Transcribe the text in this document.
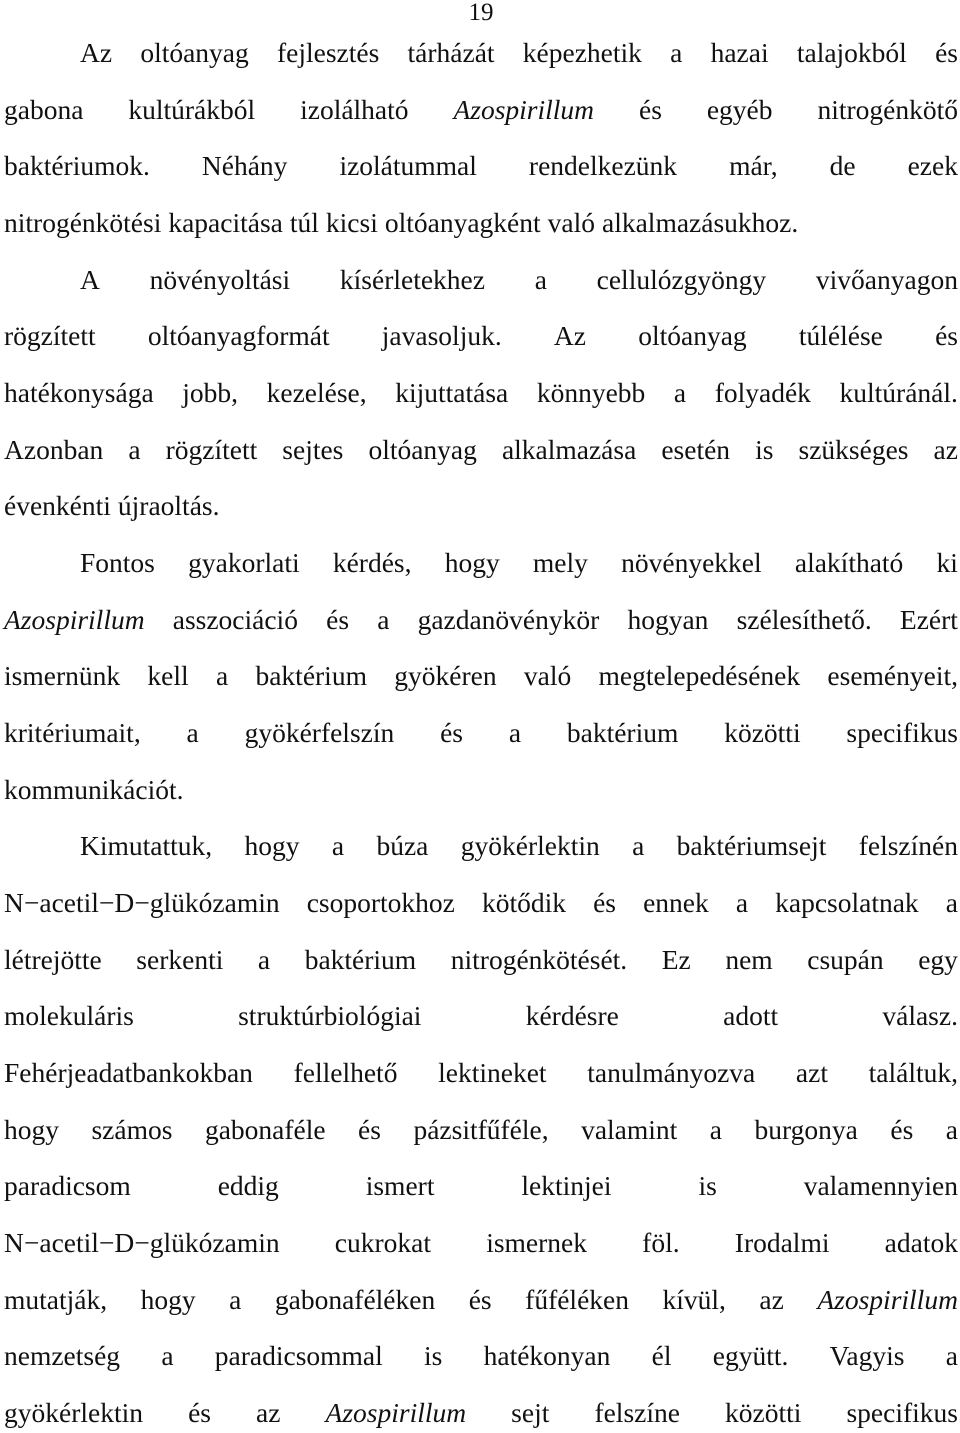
19
Az oltóanyag fejlesztés tárházát képezhetik a hazai talajokból és
gabona kultúrákból izolálható Azospirillum és egyéb nitrogénkötő
baktériumok. Néhány izolátummal rendelkezünk már, de ezek
nitrogénkötési kapacitása túl kicsi oltóanyagként való alkalmazásukhoz.
A növényoltási kísérletekhez a cellulózgyöngy vivőanyagon
rögzített oltóanyagformát javasoljuk. Az oltóanyag túlélése és
hatékonysága jobb, kezelése, kijuttatása könnyebb a folyadék kultúránál.
Azonban a rögzített sejtes oltóanyag alkalmazása esetén is szükséges az
évenkénti újraoltás.
Fontos gyakorlati kérdés, hogy mely növényekkel alakítható ki
Azospirillum asszociáció és a gazdanövénykör hogyan szélesíthető. Ezért
ismernünk kell a baktérium gyökéren való megtelepedésének eseményeit,
kritériumait, a gyökérfelszín és a baktérium közötti specifikus
kommunikációt.
Kimutattuk, hogy a búza gyökérlektin a baktériumsejt felszínén
N−acetil−D−glükózamin csoportokhoz kötődik és ennek a kapcsolatnak a
létrejötte serkenti a baktérium nitrogénkötését. Ez nem csupán egy
molekuláris	struktúrbiológiai	kérdésre	adott	válasz.
Fehérjeadatbankokban fellelhető lektineket tanulmányozva azt találtuk,
hogy számos gabonaféle és pázsitfűféle, valamint a burgonya és a
paradicsom	eddig	ismert	lektinjei	is	valamennyien
N−acetil−D−glükózamin cukrokat ismernek föl. Irodalmi adatok
mutatják, hogy a gabonaféléken és fűféléken kívül, az Azospirillum
nemzetség a paradicsommal is hatékonyan él együtt. Vagyis a
gyökérlektin és az Azospirillum sejt felszíne közötti specifikus
